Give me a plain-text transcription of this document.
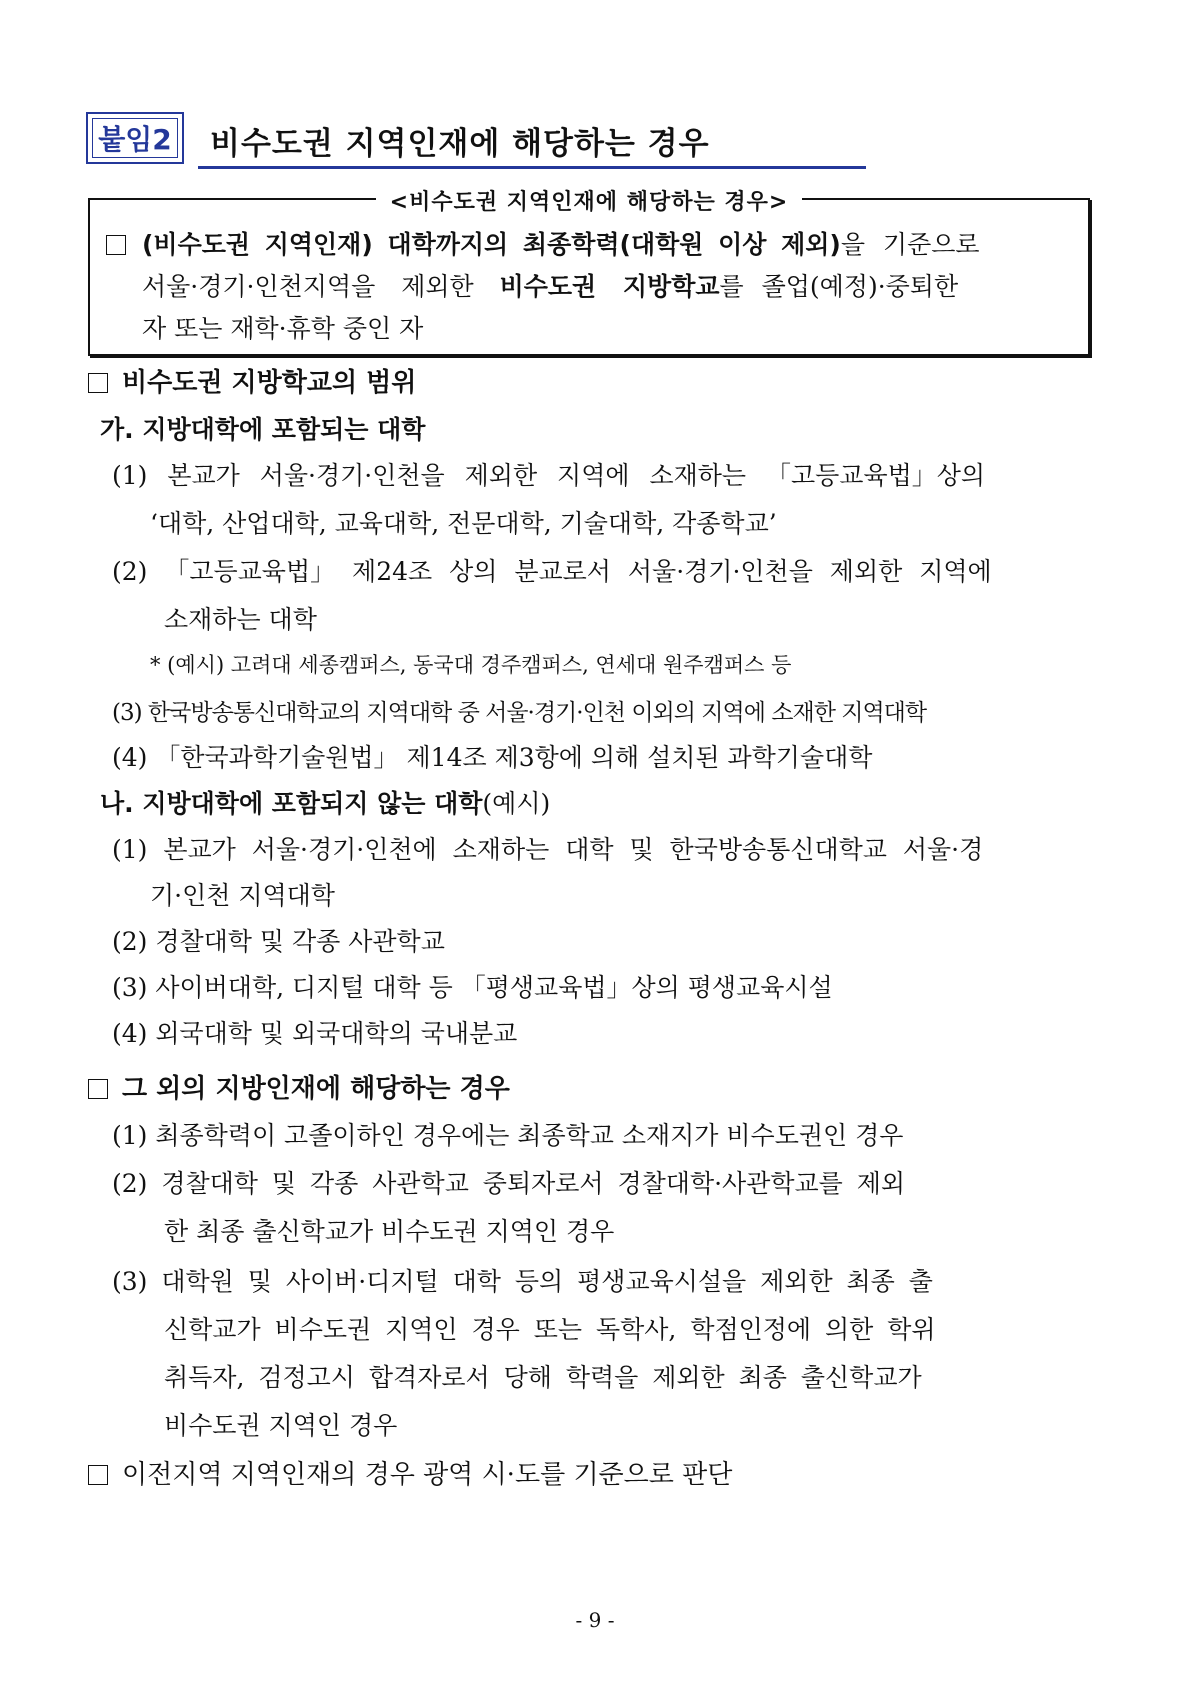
붙임2 비수도권 지역인재에 해당하는 경우
<비수도권 지역인재에 해당하는 경우>
(비수도권 지역인재) 대학까지의 최종학력(대학원 이상 제외)을 기준으로
서울·경기·인천지역을 제외한 비수도권 지방학교를 졸업(예정)·중퇴한
자 또는 재학·휴학 중인 자
비수도권 지방학교의 범위
가. 지방대학에 포함되는 대학
(1) 본교가 서울·경기·인천을 제외한 지역에 소재하는 「고등교육법」상의
‘대학, 산업대학, 교육대학, 전문대학, 기술대학, 각종학교’
(2) 「고등교육법」 제24조 상의 분교로서 서울·경기·인천을 제외한 지역에
소재하는 대학
* (예시) 고려대 세종캠퍼스, 동국대 경주캠퍼스, 연세대 원주캠퍼스 등
(3) 한국방송통신대학교의 지역대학 중 서울·경기·인천 이외의 지역에 소재한 지역대학
(4) 「한국과학기술원법」 제14조 제3항에 의해 설치된 과학기술대학
나. 지방대학에 포함되지 않는 대학(예시)
(1) 본교가 서울·경기·인천에 소재하는 대학 및 한국방송통신대학교 서울·경
기·인천 지역대학
(2) 경찰대학 및 각종 사관학교
(3) 사이버대학, 디지털 대학 등 「평생교육법」상의 평생교육시설
(4) 외국대학 및 외국대학의 국내분교
그 외의 지방인재에 해당하는 경우
(1) 최종학력이 고졸이하인 경우에는 최종학교 소재지가 비수도권인 경우
(2) 경찰대학 및 각종 사관학교 중퇴자로서 경찰대학·사관학교를 제외
한 최종 출신학교가 비수도권 지역인 경우
(3) 대학원 및 사이버·디지털 대학 등의 평생교육시설을 제외한 최종 출
신학교가 비수도권 지역인 경우 또는 독학사, 학점인정에 의한 학위
취득자, 검정고시 합격자로서 당해 학력을 제외한 최종 출신학교가
비수도권 지역인 경우
이전지역 지역인재의 경우 광역 시·도를 기준으로 판단
- 9 -
